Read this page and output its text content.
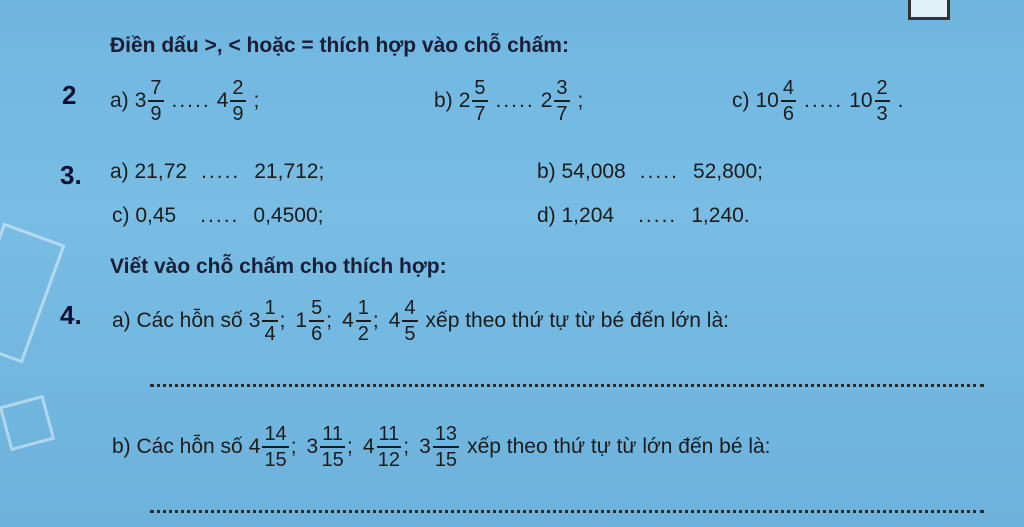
Điền dấu >, < hoặc = thích hợp vào chỗ chấm:
2 a) $3 \frac{7}{9}$ ..... $4 \frac{2}{9}$ ;	b) $2 \frac{5}{7}$ ..... $2 \frac{3}{7}$ ;	c) $10 \frac{4}{6}$ ..... $10 \frac{2}{3}$ .
3. a) 21,72 ..... 21,712;	b) 54,008 ..... 52,800;
c) 0,45 ..... 0,4500;	d) 1,204 ..... 1,240.
Viết vào chỗ chấm cho thích hợp:
4. a) Các hỗn số $3 \frac{1}{4}$ ; $1 \frac{5}{6}$ ; $4 \frac{1}{2}$ ; $4 \frac{4}{5}$ xếp theo thứ tự từ bé đến lớn là:
b) Các hỗn số $4 \frac{14}{15}$ ; $3 \frac{11}{15}$ ; $4 \frac{11}{12}$ ; $3 \frac{13}{15}$ xếp theo thứ tự từ lớn đến bé là:
